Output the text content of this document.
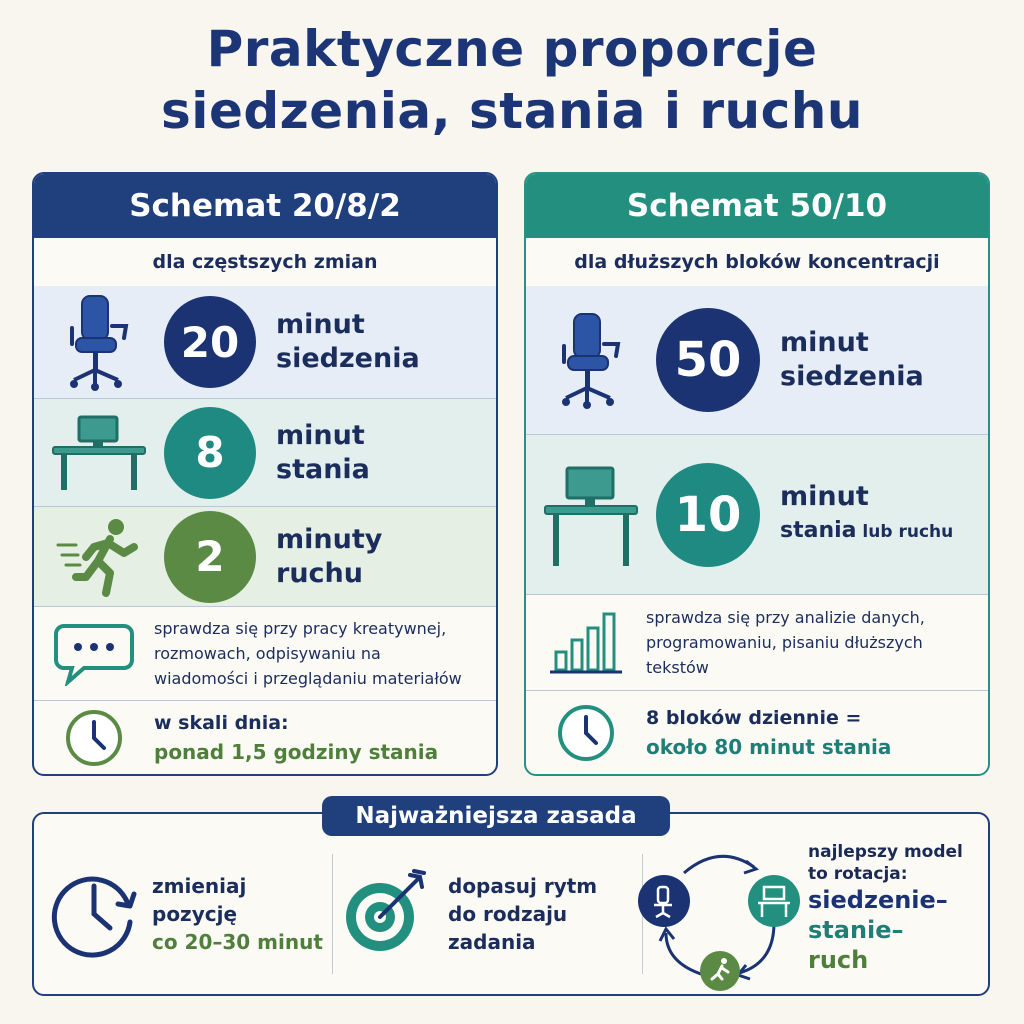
Praktyczne proporcje
siedzenia, stania i ruchu
Schemat 20/8/2
dla częstszych zmian
20	minut
siedzenia
8	minut
stania
2	minuty
ruchu
sprawdza się przy pracy kreatywnej,
rozmowach, odpisywaniu na
wiadomości i przeglądaniu materiałów
w skali dnia:
ponad 1,5 godziny stania
Schemat 50/10
dla dłuższych bloków koncentracji
50	minut
siedzenia
10	minut
stania lub ruchu
sprawdza się przy analizie danych,
programowaniu, pisaniu dłuższych
tekstów
8 bloków dziennie =
około 80 minut stania
zmieniaj pozycję
co 20–30 minut
dopasuj rytm
do rodzaju
zadania
najlepszy model
to rotacja:
siedzenie–
stanie–
ruch
Najważniejsza zasada
